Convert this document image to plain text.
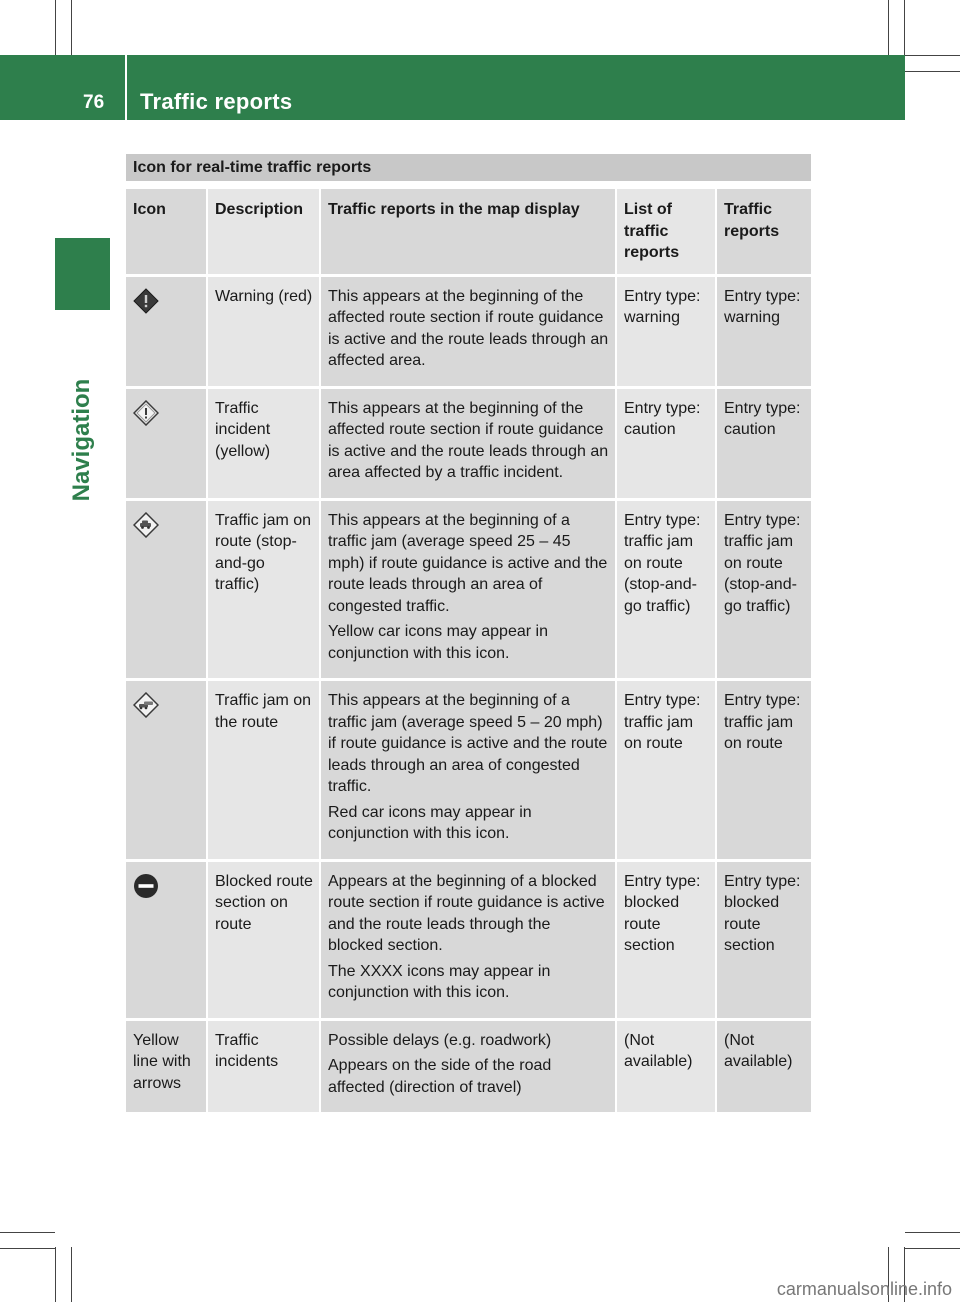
76	Traffic reports
Navigation
Icon for real-time traffic reports
Icon	Description	Traffic reports in the map display	List of traffic reports	Traffic reports

	Warning (red)	This appears at the beginning of the affected route section if route guidance is active and the route leads through an affected area.	Entry type: warning	Entry type: warning

	Traffic incident (yellow)	This appears at the beginning of the affected route section if route guidance is active and the route leads through an area affected by a traffic incident.	Entry type: caution	Entry type: caution

	Traffic jam on route (stop-and-go traffic)	This appears at the beginning of a traffic jam (average speed 25 – 45 mph) if route guidance is active and the route leads through an area of congested traffic.
Yellow car icons may appear in conjunction with this icon.	Entry type: traffic jam on route (stop-and-go traffic)	Entry type: traffic jam on route (stop-and-go traffic)

	Traffic jam on the route	This appears at the beginning of a traffic jam (average speed 5 – 20 mph) if route guidance is active and the route leads through an area of congested traffic.
Red car icons may appear in conjunction with this icon.	Entry type: traffic jam on route	Entry type: traffic jam on route

	Blocked route section on route	Appears at the beginning of a blocked route section if route guidance is active and the route leads through the blocked section.
The XXXX icons may appear in conjunction with this icon.	Entry type: blocked route section	Entry type: blocked route section
Yellow line with arrows	Traffic incidents	Possible delays (e.g. roadwork)
Appears on the side of the road affected (direction of travel)	(Not available)	(Not available)
carmanualsonline.info
